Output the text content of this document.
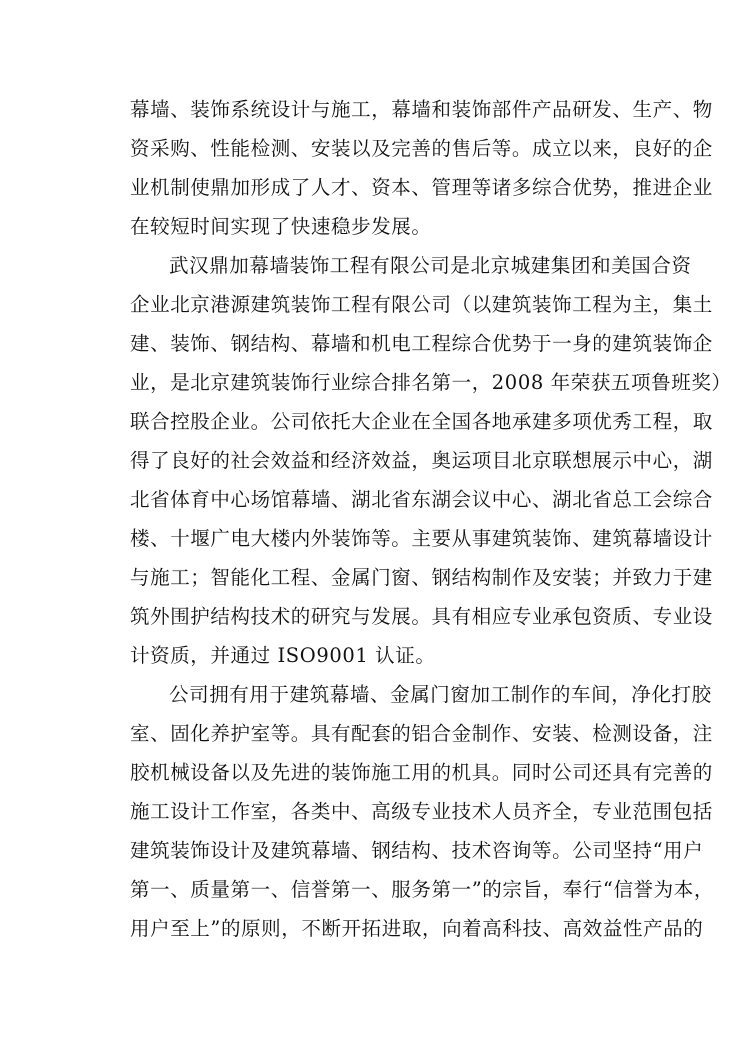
幕墙、装饰系统设计与施工，幕墙和装饰部件产品研发、生产、物
资采购、性能检测、安装以及完善的售后等。成立以来，良好的企
业机制使鼎加形成了人才、资本、管理等诸多综合优势，推进企业
在较短时间实现了快速稳步发展。
武汉鼎加幕墙装饰工程有限公司是北京城建集团和美国合资
企业北京港源建筑装饰工程有限公司（以建筑装饰工程为主，集土
建、装饰、钢结构、幕墙和机电工程综合优势于一身的建筑装饰企
业，是北京建筑装饰行业综合排名第一，2008 年荣获五项鲁班奖）
联合控股企业。公司依托大企业在全国各地承建多项优秀工程，取
得了良好的社会效益和经济效益，奥运项目北京联想展示中心，湖
北省体育中心场馆幕墙、湖北省东湖会议中心、湖北省总工会综合
楼、十堰广电大楼内外装饰等。主要从事建筑装饰、建筑幕墙设计
与施工；智能化工程、金属门窗、钢结构制作及安装；并致力于建
筑外围护结构技术的研究与发展。具有相应专业承包资质、专业设
计资质，并通过 ISO9001 认证。
公司拥有用于建筑幕墙、金属门窗加工制作的车间，净化打胶
室、固化养护室等。具有配套的铝合金制作、安装、检测设备，注
胶机械设备以及先进的装饰施工用的机具。同时公司还具有完善的
施工设计工作室，各类中、高级专业技术人员齐全，专业范围包括
建筑装饰设计及建筑幕墙、钢结构、技术咨询等。公司坚持“用户
第一、质量第一、信誉第一、服务第一”的宗旨，奉行“信誉为本，
用户至上”的原则，不断开拓进取，向着高科技、高效益性产品的
